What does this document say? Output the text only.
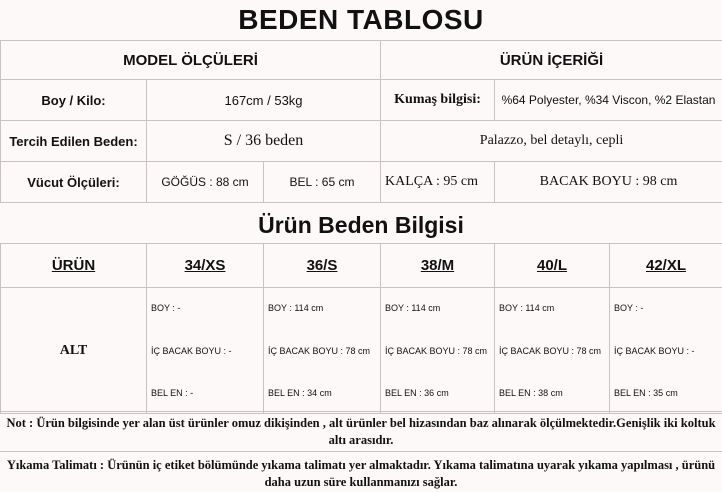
BEDEN TABLOSU
MODEL ÖLÇÜLERİ			ÜRÜN İÇERİĞİ	
Boy / Kilo:	167cm / 53kg		Kumaş bilgisi:	%64 Polyester, %34 Viscon, %2 Elastan
Tercih Edilen Beden:	S / 36 beden		Palazzo, bel detaylı, cepli	
Vücut Ölçüleri:	GÖĞÜS : 88 cm	BEL : 65 cm	KALÇA : 95 cm	BACAK BOYU : 98 cm
Ürün Beden Bilgisi
ÜRÜN	34/XS	36/S	38/M	40/L	42/XL
ALT	BOY : -	BOY : 114 cm	BOY : 114 cm	BOY : 114 cm	BOY : -
	İÇ BACAK BOYU : -	İÇ BACAK BOYU : 78 cm	İÇ BACAK BOYU : 78 cm	İÇ BACAK BOYU : 78 cm	İÇ BACAK BOYU : -
	BEL EN : -	BEL EN : 34 cm	BEL EN : 36 cm	BEL EN : 38 cm	BEL EN : 35 cm
Not : Ürün bilgisinde yer alan üst ürünler omuz dikişinden , alt ürünler bel hizasından baz alınarak ölçülmektedir.Genişlik iki koltuk altı arasıdır.
Yıkama Talimatı : Ürünün iç etiket bölümünde yıkama talimatı yer almaktadır. Yıkama talimatına uyarak yıkama yapılması , ürünü daha uzun süre kullanmanızı sağlar.
